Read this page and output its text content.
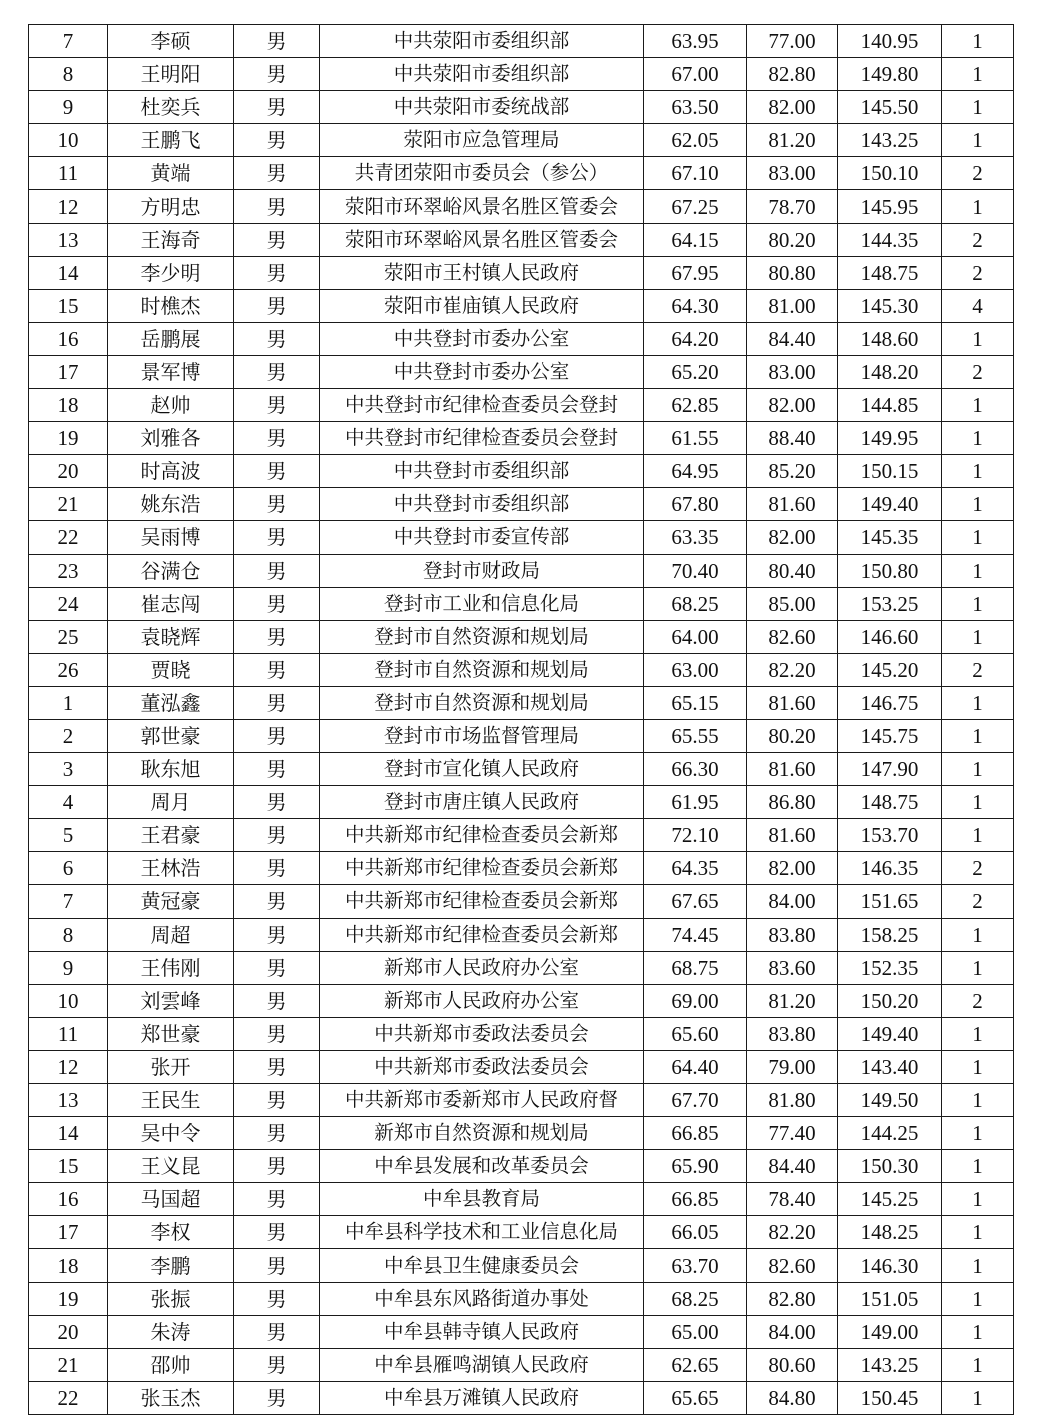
7	李硕	男	中共荥阳市委组织部	63.95	77.00	140.95	1
8	王明阳	男	中共荥阳市委组织部	67.00	82.80	149.80	1
9	杜奕兵	男	中共荥阳市委统战部	63.50	82.00	145.50	1
10	王鹏飞	男	荥阳市应急管理局	62.05	81.20	143.25	1
11	黄端	男	共青团荥阳市委员会（参公）	67.10	83.00	150.10	2
12	方明忠	男	荥阳市环翠峪风景名胜区管委会	67.25	78.70	145.95	1
13	王海奇	男	荥阳市环翠峪风景名胜区管委会	64.15	80.20	144.35	2
14	李少明	男	荥阳市王村镇人民政府	67.95	80.80	148.75	2
15	时樵杰	男	荥阳市崔庙镇人民政府	64.30	81.00	145.30	4
16	岳鹏展	男	中共登封市委办公室	64.20	84.40	148.60	1
17	景军博	男	中共登封市委办公室	65.20	83.00	148.20	2
18	赵帅	男	中共登封市纪律检查委员会登封	62.85	82.00	144.85	1
19	刘雅各	男	中共登封市纪律检查委员会登封	61.55	88.40	149.95	1
20	时高波	男	中共登封市委组织部	64.95	85.20	150.15	1
21	姚东浩	男	中共登封市委组织部	67.80	81.60	149.40	1
22	吴雨博	男	中共登封市委宣传部	63.35	82.00	145.35	1
23	谷满仓	男	登封市财政局	70.40	80.40	150.80	1
24	崔志闯	男	登封市工业和信息化局	68.25	85.00	153.25	1
25	袁晓辉	男	登封市自然资源和规划局	64.00	82.60	146.60	1
26	贾晓	男	登封市自然资源和规划局	63.00	82.20	145.20	2
1	董泓鑫	男	登封市自然资源和规划局	65.15	81.60	146.75	1
2	郭世豪	男	登封市市场监督管理局	65.55	80.20	145.75	1
3	耿东旭	男	登封市宣化镇人民政府	66.30	81.60	147.90	1
4	周月	男	登封市唐庄镇人民政府	61.95	86.80	148.75	1
5	王君豪	男	中共新郑市纪律检查委员会新郑	72.10	81.60	153.70	1
6	王林浩	男	中共新郑市纪律检查委员会新郑	64.35	82.00	146.35	2
7	黄冠豪	男	中共新郑市纪律检查委员会新郑	67.65	84.00	151.65	2
8	周超	男	中共新郑市纪律检查委员会新郑	74.45	83.80	158.25	1
9	王伟刚	男	新郑市人民政府办公室	68.75	83.60	152.35	1
10	刘雲峰	男	新郑市人民政府办公室	69.00	81.20	150.20	2
11	郑世豪	男	中共新郑市委政法委员会	65.60	83.80	149.40	1
12	张开	男	中共新郑市委政法委员会	64.40	79.00	143.40	1
13	王民生	男	中共新郑市委新郑市人民政府督	67.70	81.80	149.50	1
14	吴中令	男	新郑市自然资源和规划局	66.85	77.40	144.25	1
15	王义昆	男	中牟县发展和改革委员会	65.90	84.40	150.30	1
16	马国超	男	中牟县教育局	66.85	78.40	145.25	1
17	李权	男	中牟县科学技术和工业信息化局	66.05	82.20	148.25	1
18	李鹏	男	中牟县卫生健康委员会	63.70	82.60	146.30	1
19	张振	男	中牟县东风路街道办事处	68.25	82.80	151.05	1
20	朱涛	男	中牟县韩寺镇人民政府	65.00	84.00	149.00	1
21	邵帅	男	中牟县雁鸣湖镇人民政府	62.65	80.60	143.25	1
22	张玉杰	男	中牟县万滩镇人民政府	65.65	84.80	150.45	1
